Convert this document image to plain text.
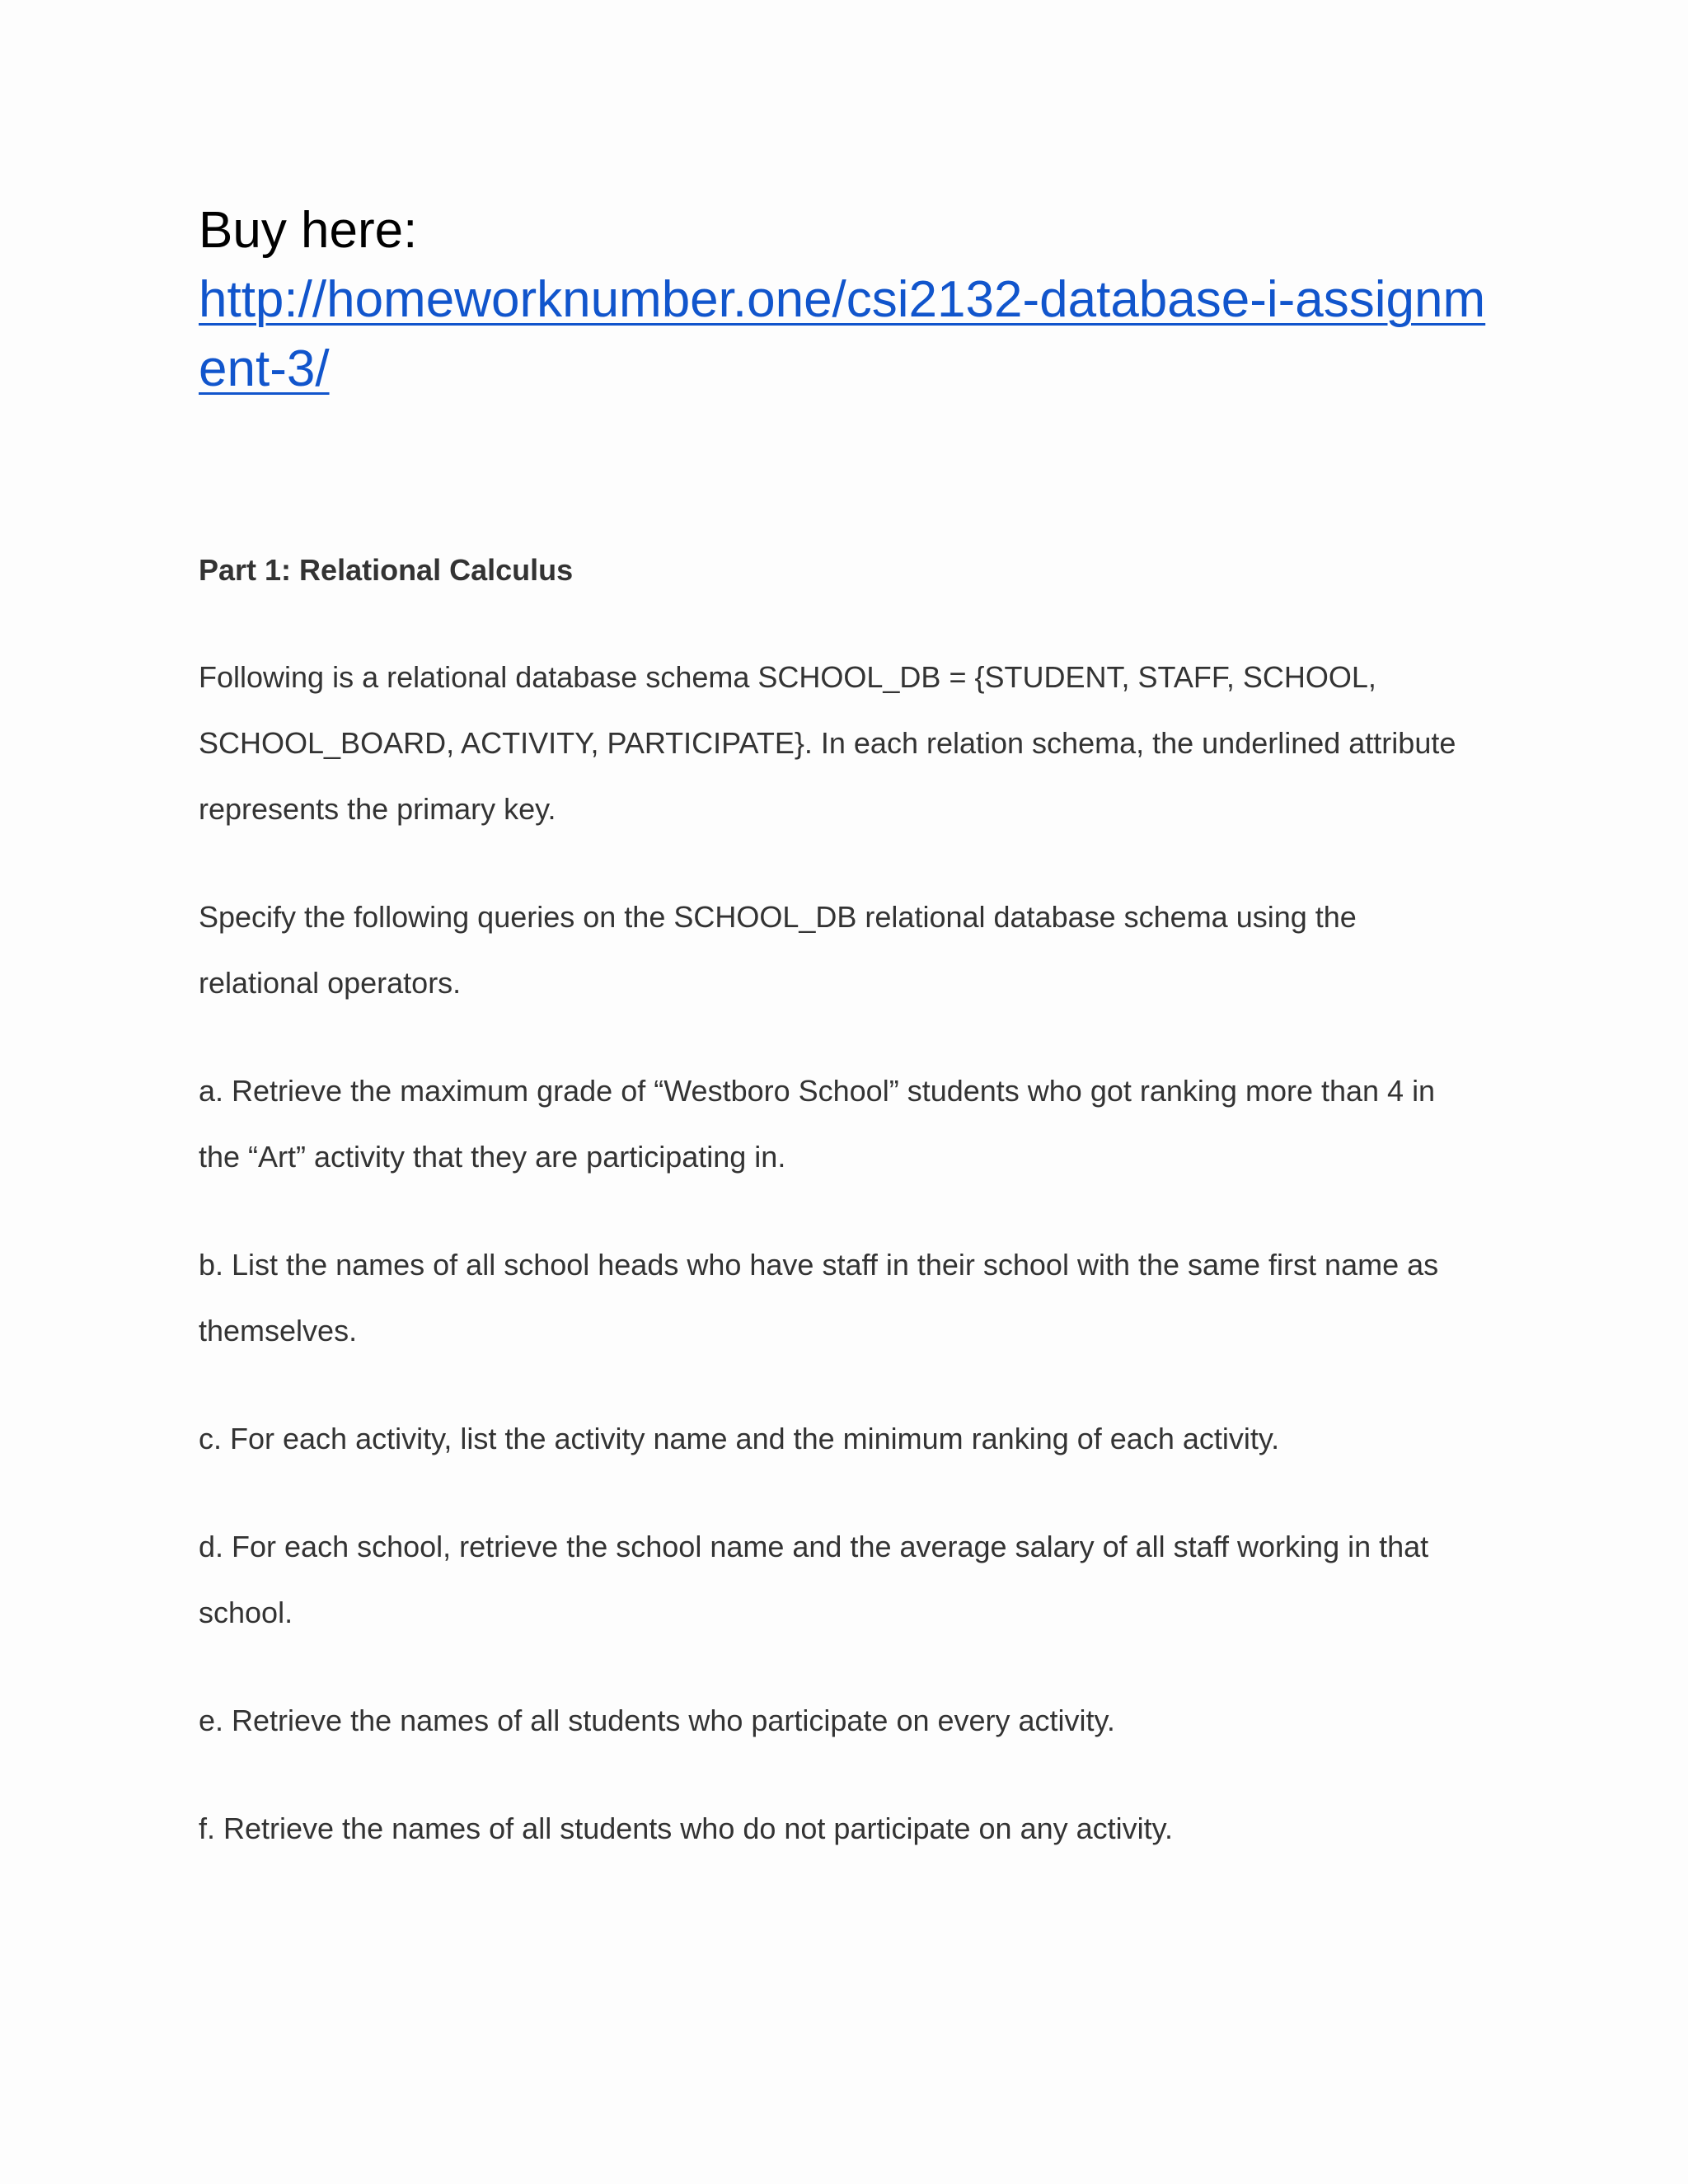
Buy here:
http://homeworknumber.one/csi2132-database-i-assignment-3/
Part 1: Relational Calculus
Following is a relational database schema SCHOOL_DB = {STUDENT, STAFF, SCHOOL, SCHOOL_BOARD, ACTIVITY, PARTICIPATE}. In each relation schema, the underlined attribute represents the primary key.
Specify the following queries on the SCHOOL_DB relational database schema using the relational operators.
a. Retrieve the maximum grade of “Westboro School” students who got ranking more than 4 in the “Art” activity that they are participating in.
b. List the names of all school heads who have staff in their school with the same first name as themselves.
c. For each activity, list the activity name and the minimum ranking of each activity.
d. For each school, retrieve the school name and the average salary of all staff working in that school.
e. Retrieve the names of all students who participate on every activity.
f. Retrieve the names of all students who do not participate on any activity.
